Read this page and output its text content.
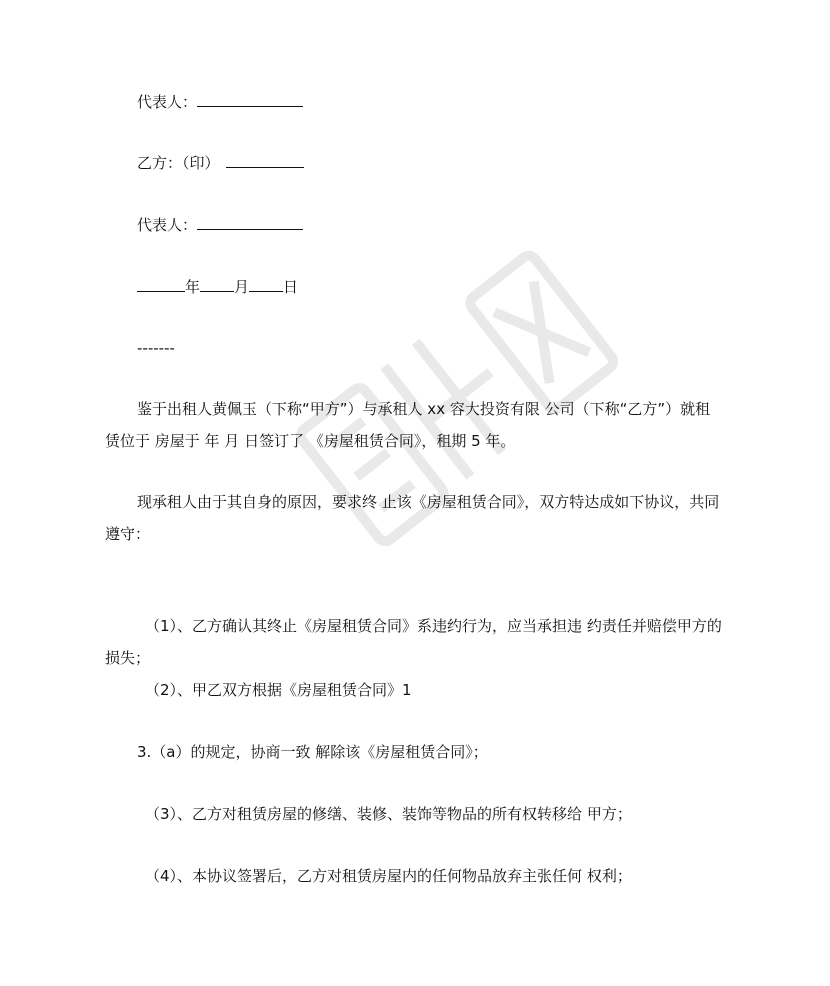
代表人：
乙方：（印）
代表人：
年 月 日
-------

鉴于出租人黄佩玉（下称“甲方”）与承租人 xx 容大投资有限 公司（下称“乙方”）就租赁位于 房屋于 年 月 日签订了 《房屋租赁合同》，租期 5 年。

现承租人由于其自身的原因，要求终 止该《房屋租赁合同》，双方特达成如下协议，共同遵守：

（1）、乙方确认其终止《房屋租赁合同》系违约行为，应当承担违 约责任并赔偿甲方的损失；

（2）、甲乙双方根据《房屋租赁合同》1

3.（a）的规定，协商一致 解除该《房屋租赁合同》；

（3）、乙方对租赁房屋的修缮、装修、装饰等物品的所有权转移给 甲方；

（4）、本协议签署后，乙方对租赁房屋内的任何物品放弃主张任何 权利；
